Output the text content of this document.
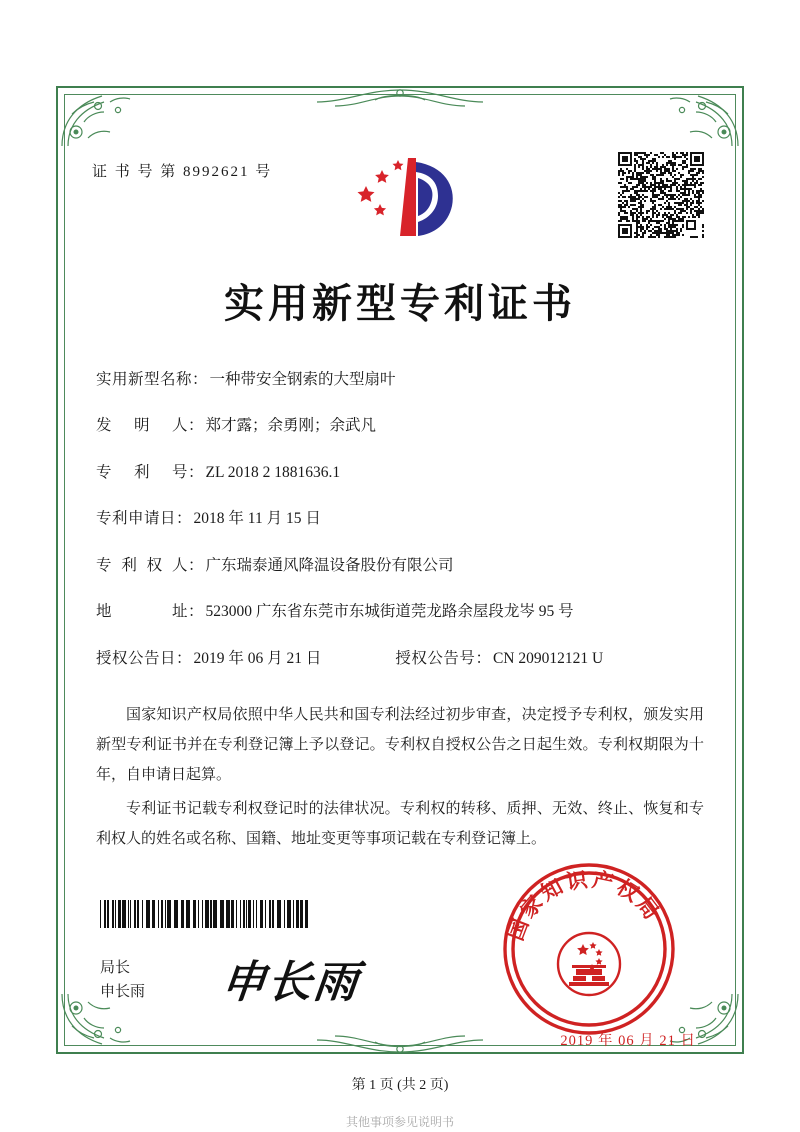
证 书 号 第 8992621 号
实用新型专利证书
实用新型名称 ： 一种带安全钢索的大型扇叶
发 明 人 ： 郑才露；余勇刚；余武凡
专 利 号 ： ZL 2018 2 1881636.1
专利申请日 ： 2018 年 11 月 15 日
专 利 权 人 ： 广东瑞泰通风降温设备股份有限公司
地	址 ： 523000 广东省东莞市东城街道莞龙路余屋段龙岑 95 号
授权公告日 ： 2019 年 06 月 21 日	授权公告号 ： CN 209012121 U

国家知识产权局依照中华人民共和国专利法经过初步审查，决定授予专利权，颁发实用新型专利证书并在专利登记簿上予以登记。专利权自授权公告之日起生效。专利权期限为十年，自申请日起算。

专利证书记载专利权登记时的法律状况。专利权的转移、质押、无效、终止、恢复和专利权人的姓名或名称、国籍、地址变更等事项记载在专利登记簿上。

局长
申长雨 申长雨
国家知识产权局
2019 年 06 月 21 日
第 1 页 (共 2 页)
其他事项参见说明书
